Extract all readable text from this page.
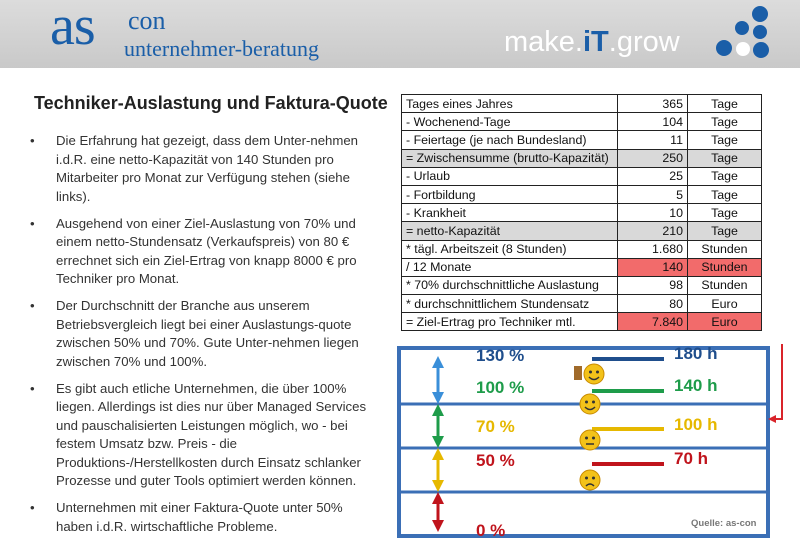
as con
unternehmer-beratung	make.iT.grow
Techniker-Auslastung und Faktura-Quote
• Die Erfahrung hat gezeigt, dass dem Unter-nehmen i.d.R. eine netto-Kapazität von 140 Stunden pro Mitarbeiter pro Monat zur Verfügung stehen (siehe links).
• Ausgehend von einer Ziel-Auslastung von 70% und einem netto-Stundensatz (Verkaufspreis) von 80 € errechnet sich ein Ziel-Ertrag von knapp 8000 € pro Techniker pro Monat.
• Der Durchschnitt der Branche aus unserem Betriebsvergleich liegt bei einer Auslastungs-quote zwischen 50% und 70%. Gute Unter-nehmen liegen zwischen 70% und 100%.
• Es gibt auch etliche Unternehmen, die über 100% liegen. Allerdings ist dies nur über Managed Services und pauschalisierten Leistungen möglich, wo - bei festem Umsatz bzw. Preis - die Produktions-/Herstellkosten durch Einsatz schlanker Prozesse und guter Tools optimiert werden können.
• Unternehmen mit einer Faktura-Quote unter 50% haben i.d.R. wirtschaftliche Probleme.
Tages eines Jahres	365	Tage
- Wochenend-Tage	104	Tage
- Feiertage (je nach Bundesland)	11	Tage
= Zwischensumme (brutto-Kapazität)	250	Tage
- Urlaub	25	Tage
- Fortbildung	5	Tage
- Krankheit	10	Tage
= netto-Kapazität	210	Tage
* tägl. Arbeitszeit (8 Stunden)	1.680	Stunden
/ 12 Monate	140	Stunden
* 70% durchschnittliche Auslastung	98	Stunden
* durchschnittlichem Stundensatz	80	Euro
= Ziel-Ertrag pro Techniker mtl.	7.840	Euro
130 %	180 h
100 %	140 h
70 %	100 h
50 %	70 h
0 %	Quelle: as-con
